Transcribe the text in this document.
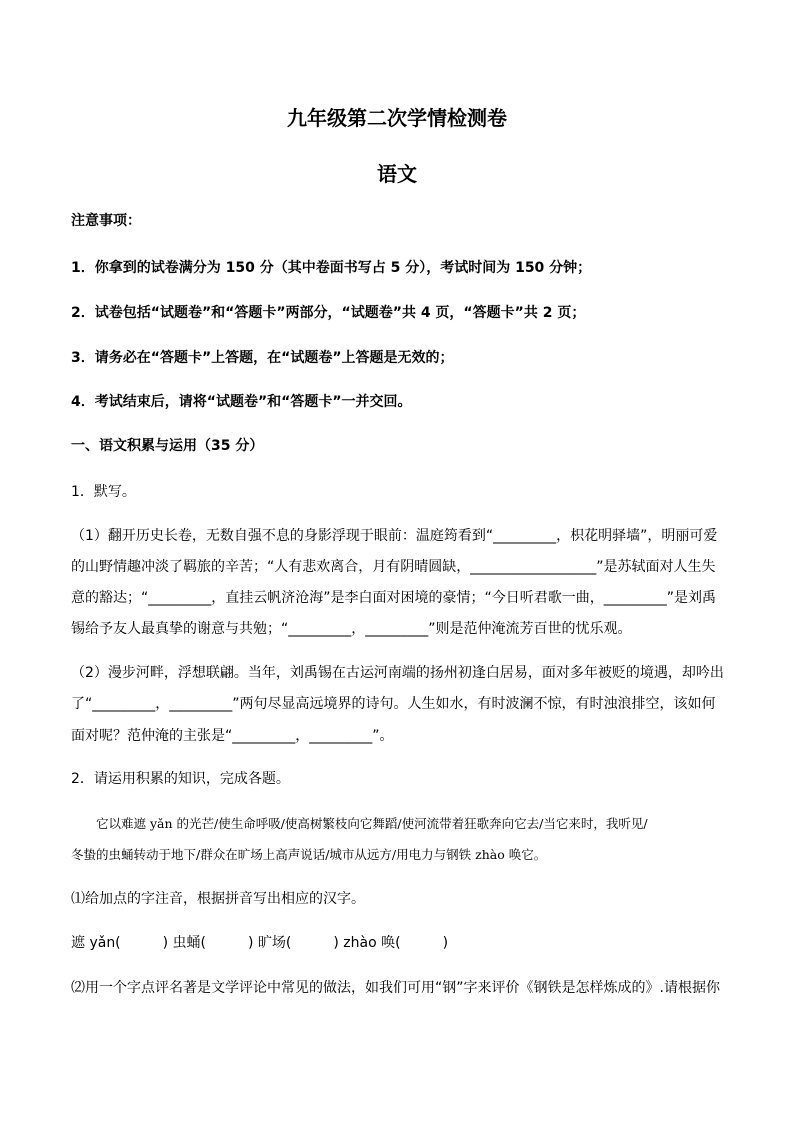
九年级第二次学情检测卷
语文
注意事项：
1．你拿到的试卷满分为 150 分（其中卷面书写占 5 分），考试时间为 150 分钟；
2．试卷包括“试题卷”和“答题卡”两部分，“试题卷”共 4 页，“答题卡”共 2 页；
3．请务必在“答题卡”上答题，在“试题卷”上答题是无效的；
4．考试结束后，请将“试题卷”和“答题卡”一并交回。
一、语文积累与运用（35 分）
1．默写。
（1）翻开历史长卷，无数自强不息的身影浮现于眼前：温庭筠看到“_________，枳花明驿墙”，明丽可爱
的山野情趣冲淡了羁旅的辛苦；“人有悲欢离合，月有阴晴圆缺，__________________”是苏轼面对人生失
意的豁达；“_________，直挂云帆济沧海”是李白面对困境的豪情；“今日听君歌一曲，_________”是刘禹
锡给予友人最真挚的谢意与共勉；“_________，_________”则是范仲淹流芳百世的忧乐观。
（2）漫步河畔，浮想联翩。当年，刘禹锡在古运河南端的扬州初逢白居易，面对多年被贬的境遇，却吟出
了“_________，_________”两句尽显高远境界的诗句。人生如水，有时波澜不惊，有时浊浪排空，该如何
面对呢？范仲淹的主张是“_________，_________”。
2．请运用积累的知识，完成各题。
　　它以难遮 yǎn 的光芒/使生命呼吸/使高树繁枝向它舞蹈/使河流带着狂歌奔向它去/当它来时，我听见/
冬蛰的虫蛹转动于地下/群众在旷场上高声说话/城市从远方/用电力与钢铁 zhào 唤它。
⑴给加点的字注音，根据拼音写出相应的汉字。
遮 yǎn(　　　) 虫蛹(　　　) 旷场(　　　) zhào 唤(　　　)
⑵用一个字点评名著是文学评论中常见的做法，如我们可用“钢”字来评价《钢铁是怎样炼成的》.请根据你
